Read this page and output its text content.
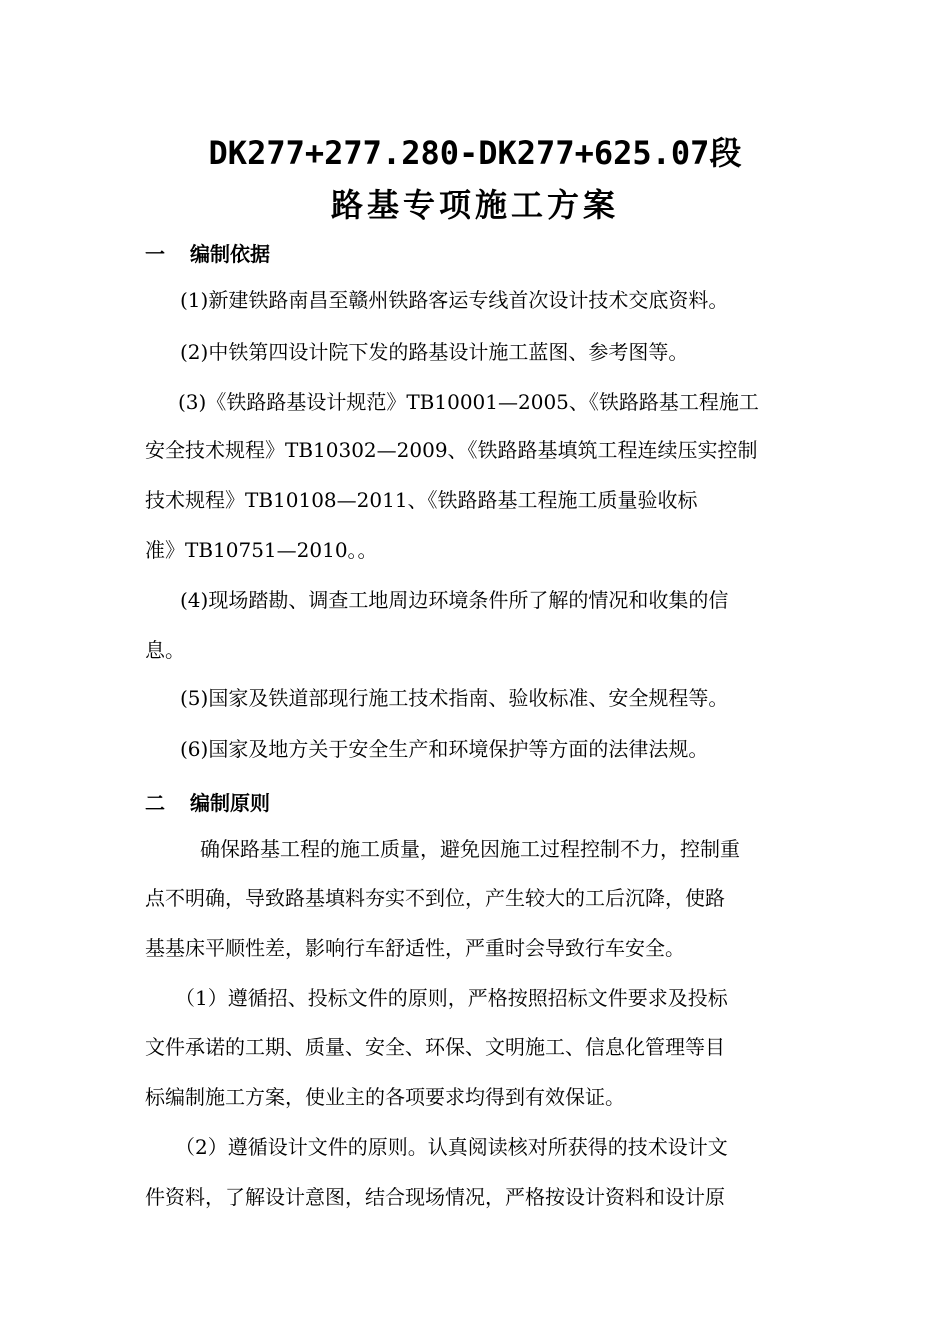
DK277+277.280-DK277+625.07段
路基专项施工方案
一 编制依据
(1)新建铁路南昌至赣州铁路客运专线首次设计技术交底资料。
(2)中铁第四设计院下发的路基设计施工蓝图、参考图等。
(3)《铁路路基设计规范》TB10001—2005、《铁路路基工程施工
安全技术规程》TB10302—2009、《铁路路基填筑工程连续压实控制
技术规程》TB10108—2011、《铁路路基工程施工质量验收标
准》TB10751—2010。。
(4)现场踏勘、调查工地周边环境条件所了解的情况和收集的信
息。
(5)国家及铁道部现行施工技术指南、验收标准、安全规程等。
(6)国家及地方关于安全生产和环境保护等方面的法律法规。
二 编制原则
确保路基工程的施工质量，避免因施工过程控制不力，控制重
点不明确，导致路基填料夯实不到位，产生较大的工后沉降，使路
基基床平顺性差，影响行车舒适性，严重时会导致行车安全。
（1）遵循招、投标文件的原则，严格按照招标文件要求及投标
文件承诺的工期、质量、安全、环保、文明施工、信息化管理等目
标编制施工方案，使业主的各项要求均得到有效保证。
（2）遵循设计文件的原则。认真阅读核对所获得的技术设计文
件资料，了解设计意图，结合现场情况，严格按设计资料和设计原
